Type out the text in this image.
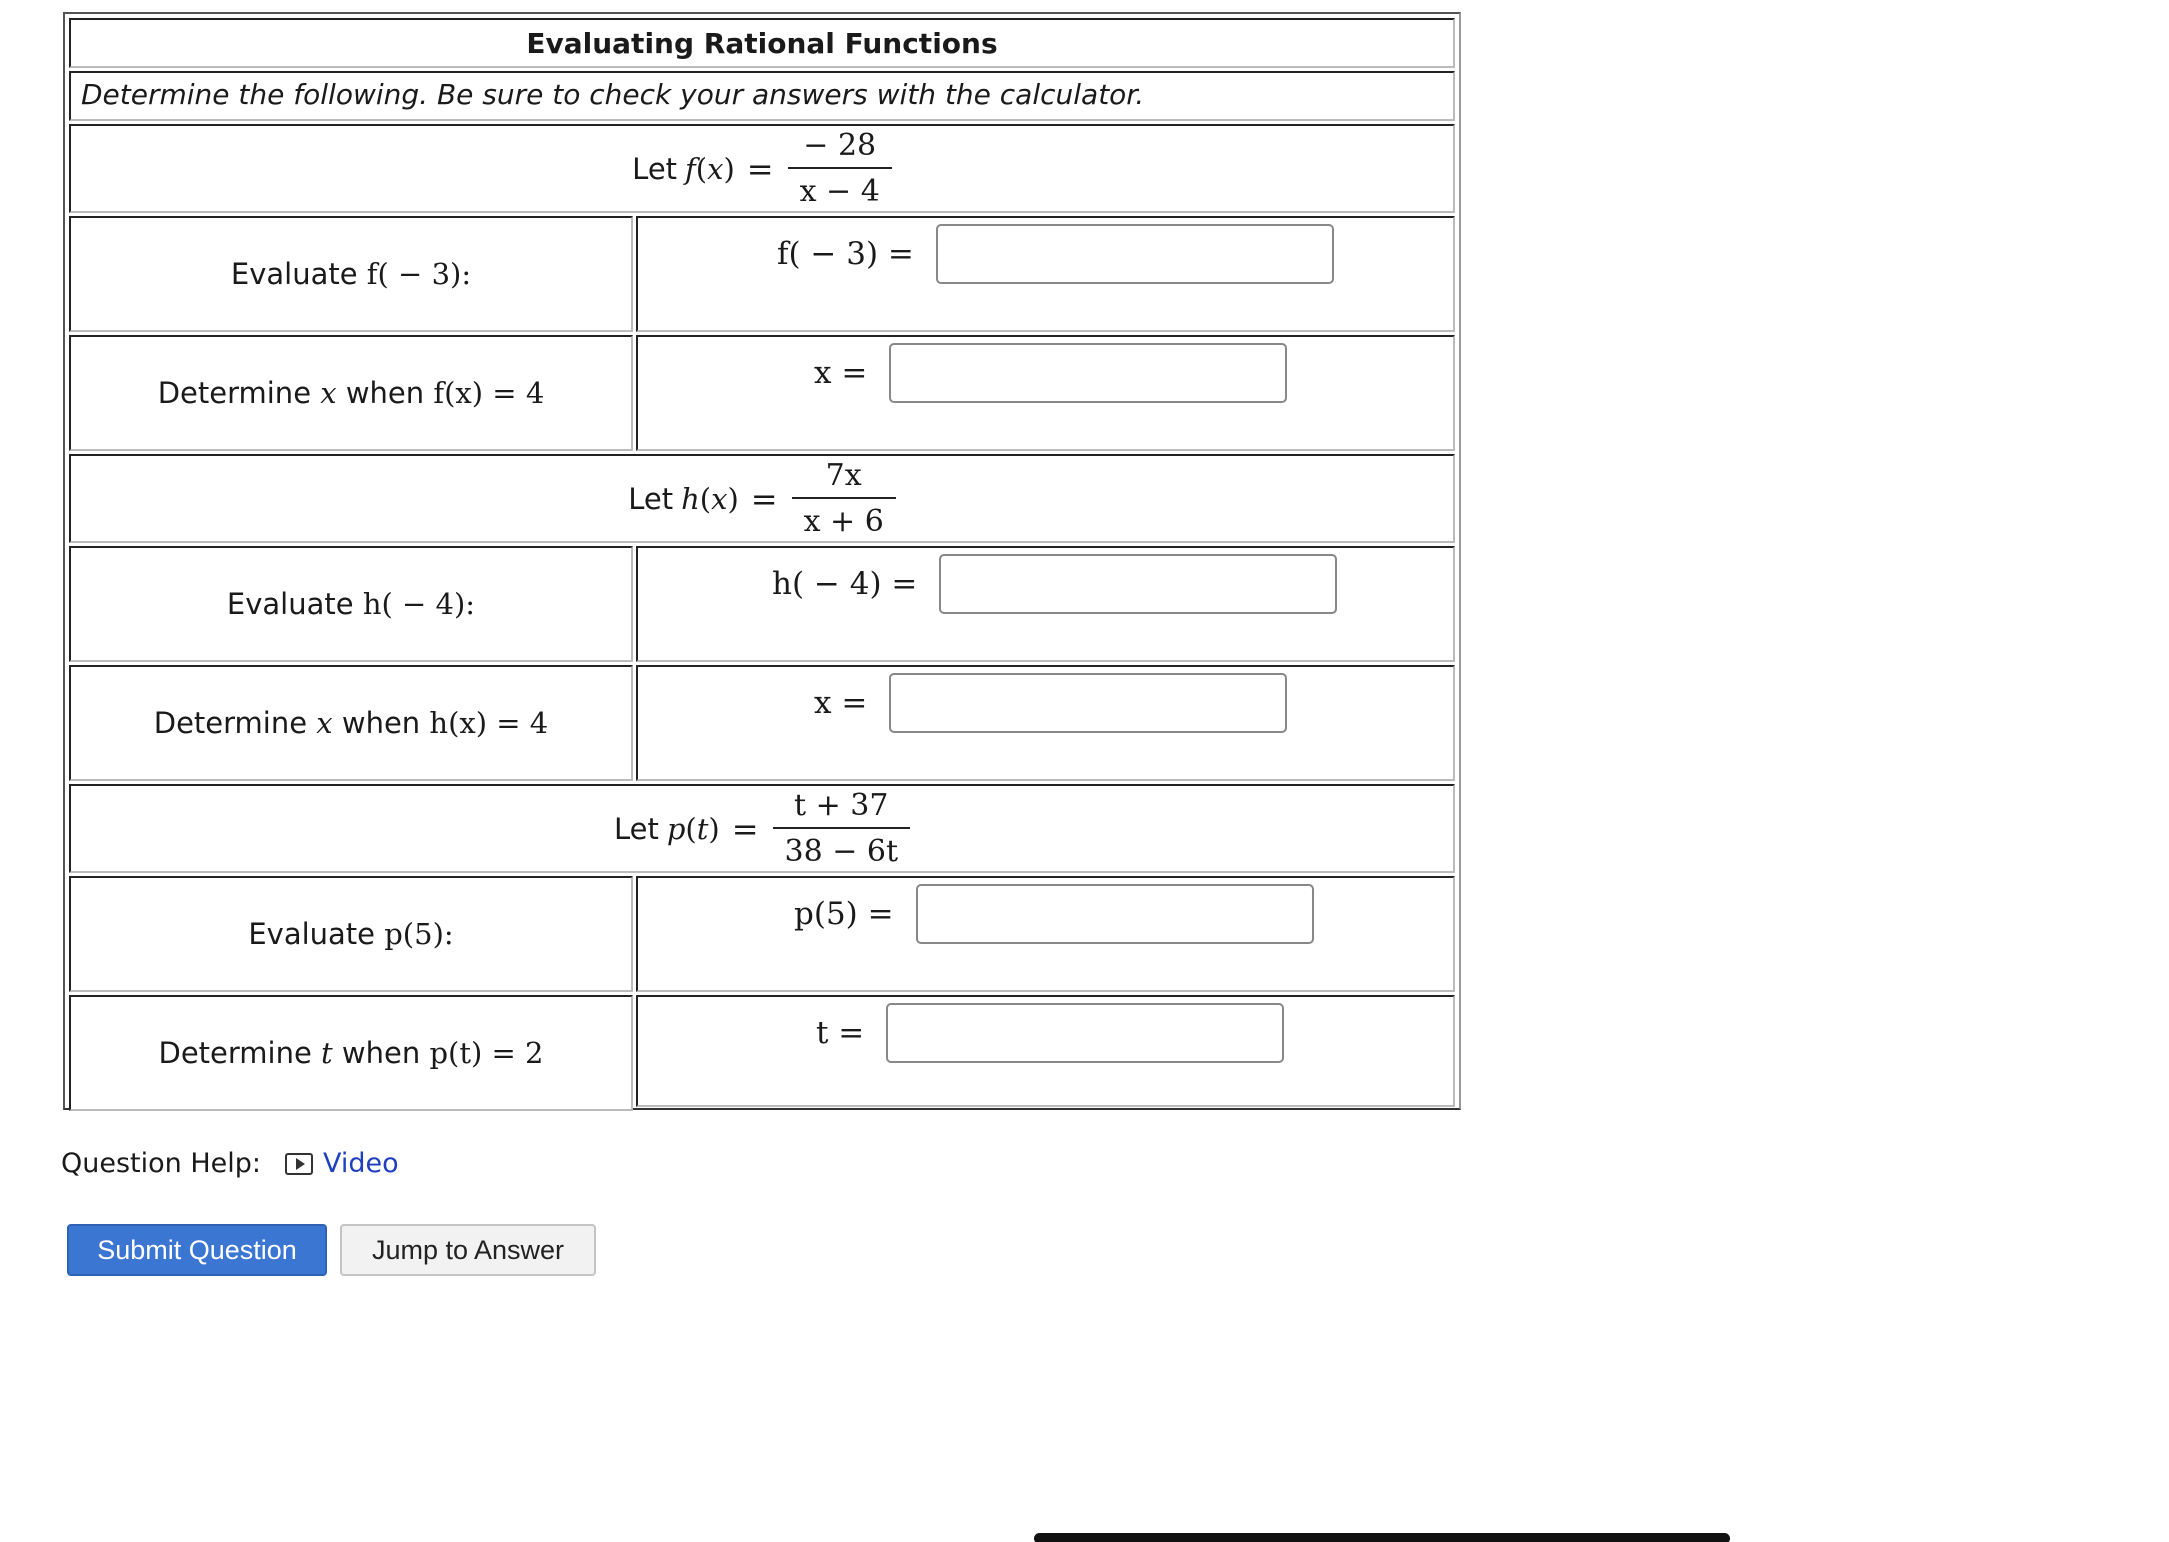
Evaluating Rational Functions
Determine the following. Be sure to check your answers with the calculator.
Let f ( x ) = $\frac{- 28}{x - 4}$
Evaluate
f( − 3):
f( − 3) =
Determine
x
when
f(x) = 4
x =
Let h ( x ) = $\frac{7x}{x + 6}$
Evaluate
h( − 4):
h( − 4) =
Determine
x
when
h(x) = 4
x =
Let p ( t ) = $\frac{t + 37}{38 - 6t}$
Evaluate
p(5):
p(5) =
Determine
t
when
p(t) = 2
t =
Question Help: Video
Submit Question	Jump to Answer
